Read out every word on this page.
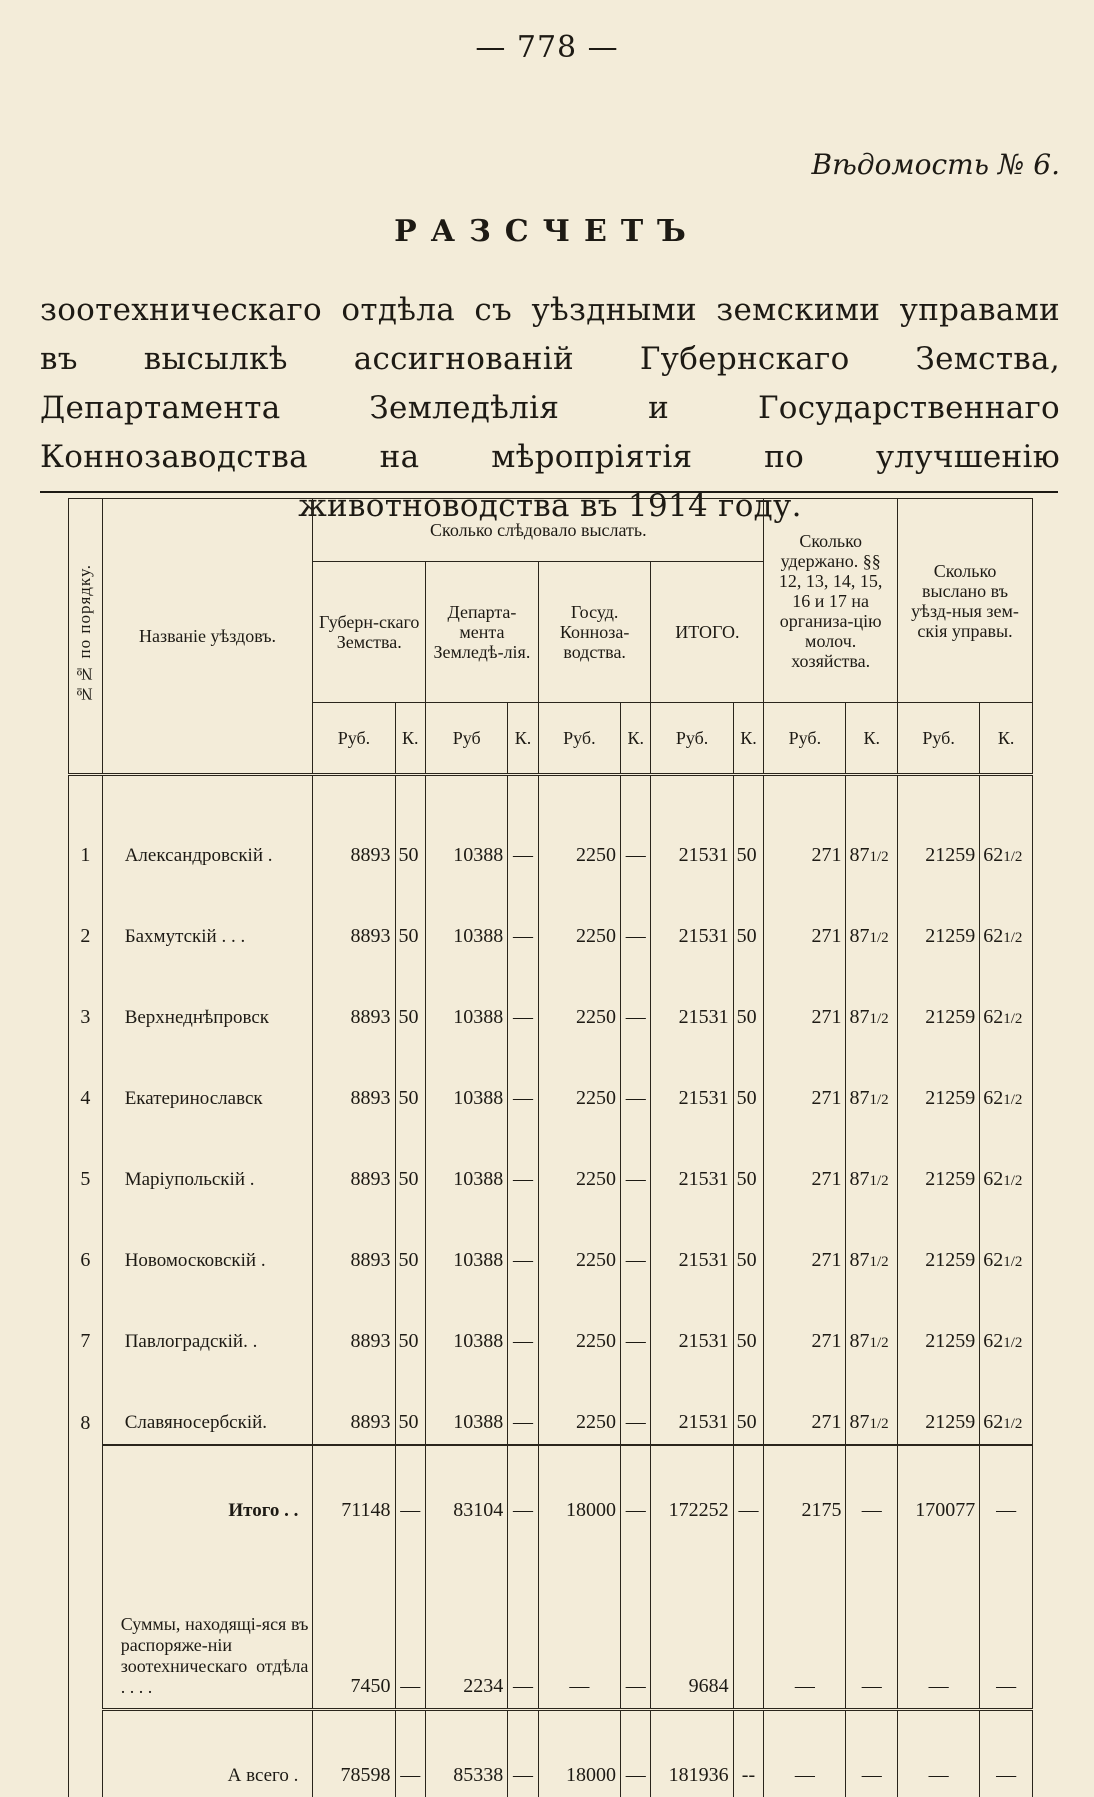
— 778 —
Вѣдомость № 6.
РАЗСЧЕТЪ
зоотехническаго отдѣла съ уѣздными земскими управами въ высылкѣ ассигнованій Губернскаго Земства, Департамента Земледѣлія и Государственнаго Коннозаводства на мѣропріятія по улучшенію животноводства въ 1914 году.
№№ по порядку.	Названіе уѣздовъ.	Сколько слѣдовало выслать.								Сколько удержано. §§ 12, 13, 14, 15, 16 и 17 на организа-цію молоч. хозяйства.		Сколько выслано въ уѣзд-ныя зем-скія управы.	
		Губерн-скаго Земства.		Департа-мента Земледѣ-лія.		Госуд. Конноза-водства.		ИТОГО.					
		Руб.	К.	Руб	К.	Руб.	К.	Руб.	К.	Руб.	К.	Руб.	К.
1	Александровскій .	8893	50	10388	—	2250	—	21531	50	271	871/2	21259	621/2
2	Бахмутскій . . .	8893	50	10388	—	2250	—	21531	50	271	871/2	21259	621/2
3	Верхнеднѣпровск	8893	50	10388	—	2250	—	21531	50	271	871/2	21259	621/2
4	Екатеринославск	8893	50	10388	—	2250	—	21531	50	271	871/2	21259	621/2
5	Маріупольскій .	8893	50	10388	—	2250	—	21531	50	271	871/2	21259	621/2
6	Новомосковскій .	8893	50	10388	—	2250	—	21531	50	271	871/2	21259	621/2
7	Павлоградскій. .	8893	50	10388	—	2250	—	21531	50	271	871/2	21259	621/2
8	Славяносербскій.	8893	50	10388	—	2250	—	21531	50	271	871/2	21259	621/2
	Итого . .	71148	—	83104	—	18000	—	172252	—	2175	—	170077	—
	Суммы, находящі-яся въ распоряже-ніи зоотехническаго отдѣла . . . .	7450	—	2234	—	—	—	9684		—	—	—	—
	А всего .	78598	—	85338	—	18000	—	181936	--	—	—	—	—
